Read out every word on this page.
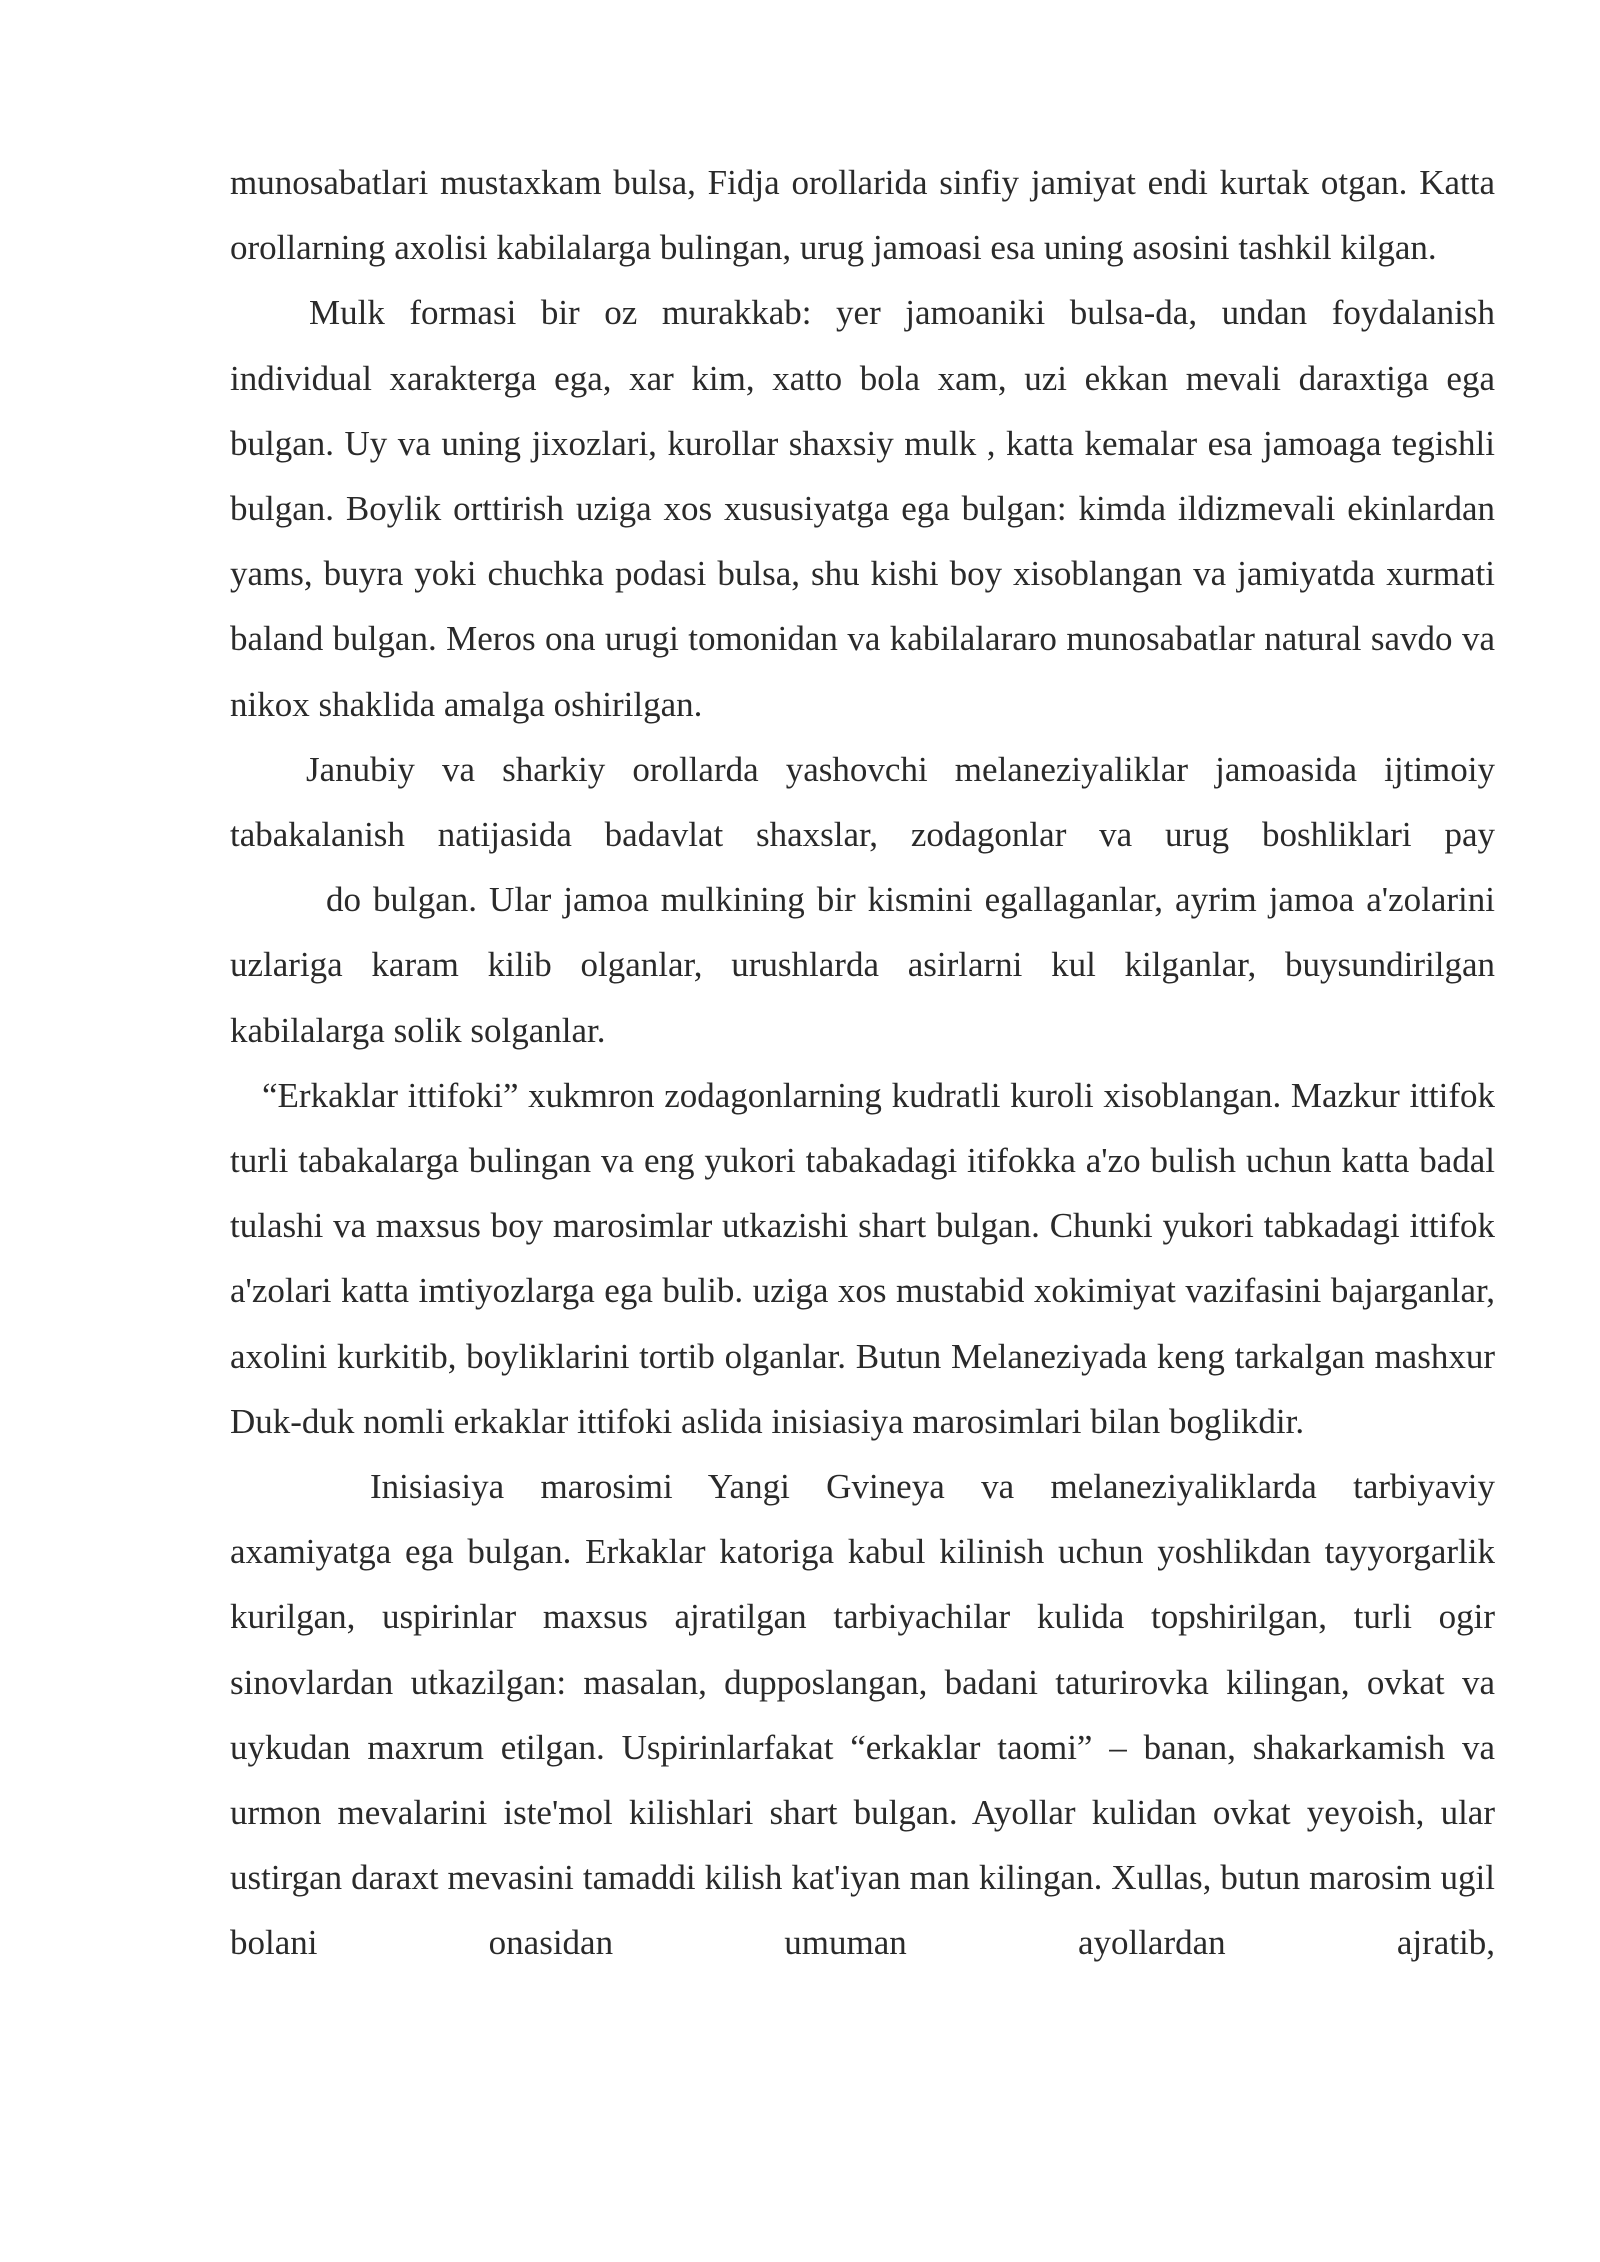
munosabatlari mustaxkam bulsa, Fidja orollarida sinfiy jamiyat endi kurtak otgan. Katta orollarning axolisi kabilalarga bulingan, urug jamoasi esa uning asosini tashkil kilgan.

Mulk formasi bir oz murakkab: yer jamoaniki bulsa-da, undan foydalanish individual xarakterga ega, xar kim, xatto bola xam, uzi ekkan mevali daraxtiga ega bulgan. Uy va uning jixozlari, kurollar shaxsiy mulk , katta kemalar esa jamoaga tegishli bulgan. Boylik orttirish uziga xos xususiyatga ega bulgan: kimda ildizmevali ekinlardan yams, buyra yoki chuchka podasi bulsa, shu kishi boy xisoblangan va jamiyatda xurmati baland bulgan. Meros ona urugi tomonidan va kabilalararo munosabatlar natural savdo va nikox shaklida amalga oshirilgan.

Janubiy va sharkiy orollarda yashovchi melaneziyaliklar jamoasida ijtimoiy tabakalanish natijasida badavlat shaxslar, zodagonlar va urug boshliklari pay

do bulgan. Ular jamoa mulkining bir kismini egallaganlar, ayrim jamoa a'zolarini uzlariga karam kilib olganlar, urushlarda asirlarni kul kilganlar, buysundirilgan kabilalarga solik solganlar.

“Erkaklar ittifoki” xukmron zodagonlarning kudratli kuroli xisoblangan. Mazkur ittifok turli tabakalarga bulingan va eng yukori tabakadagi itifokka a'zo bulish uchun katta badal tulashi va maxsus boy marosimlar utkazishi shart bulgan. Chunki yukori tabkadagi ittifok a'zolari katta imtiyozlarga ega bulib. uziga xos mustabid xokimiyat vazifasini bajarganlar, axolini kurkitib, boyliklarini tortib olganlar. Butun Melaneziyada keng tarkalgan mashxur Duk-duk nomli erkaklar ittifoki aslida inisiasiya marosimlari bilan boglikdir.

Inisiasiya marosimi Yangi Gvineya va melaneziyaliklarda tarbiyaviy axamiyatga ega bulgan. Erkaklar katoriga kabul kilinish uchun yoshlikdan tayyorgarlik kurilgan, uspirinlar maxsus ajratilgan tarbiyachilar kulida topshirilgan, turli ogir sinovlardan utkazilgan: masalan, dupposlangan, badani taturirovka kilingan, ovkat va uykudan maxrum etilgan. Uspirinlarfakat “erkaklar taomi” – banan, shakarkamish va urmon mevalarini iste'mol kilishlari shart bulgan. Ayollar kulidan ovkat yeyoish, ular ustirgan daraxt mevasini tamaddi kilish kat'iyan man kilingan. Xullas, butun marosim ugil bolani onasidan umuman ayollardan ajratib,
